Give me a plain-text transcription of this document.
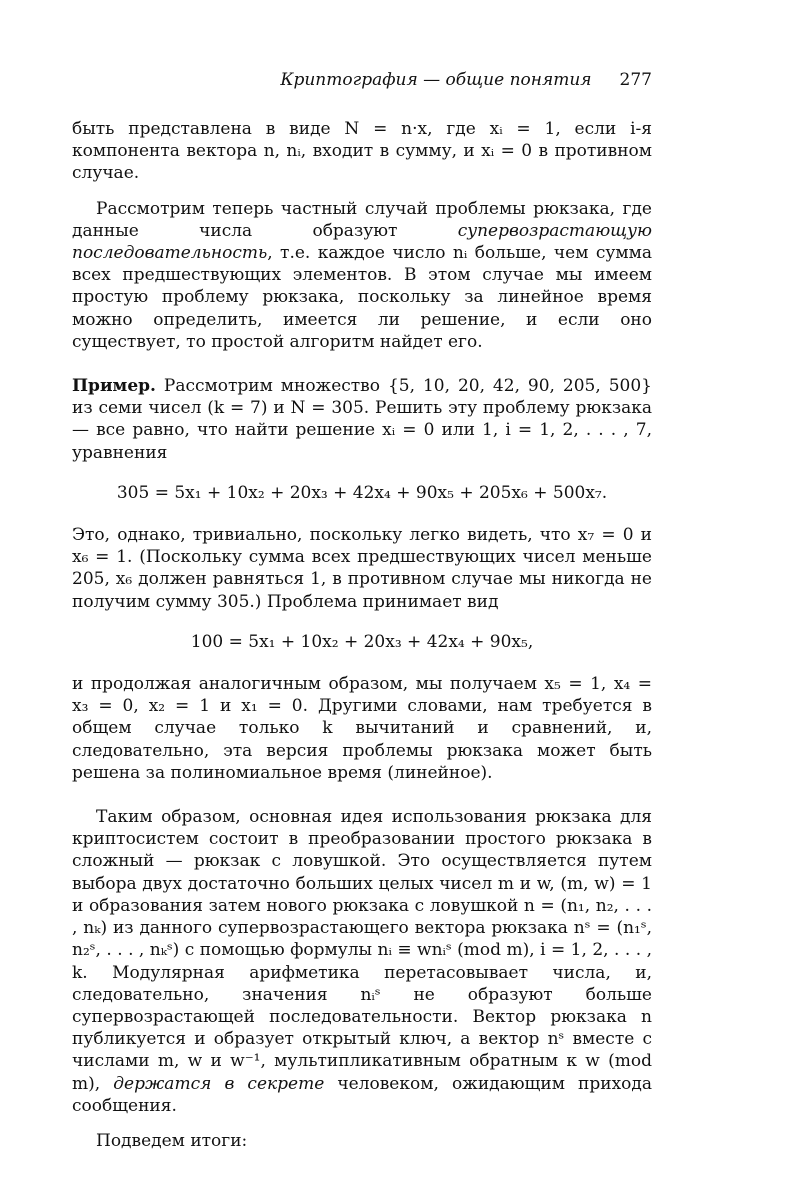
Криптография — общие понятия 277

быть представлена в виде N = n·x, где xᵢ = 1, если i-я компонента вектора n, nᵢ, входит в сумму, и xᵢ = 0 в противном случае.

Рассмотрим теперь частный случай проблемы рюкзака, где данные числа образуют супервозрастающую последовательность, т.е. каждое число nᵢ больше, чем сумма всех предшествующих элементов. В этом случае мы имеем простую проблему рюкзака, поскольку за линейное время можно определить, имеется ли решение, и если оно существует, то простой алгоритм найдет его.

Пример. Рассмотрим множество {5, 10, 20, 42, 90, 205, 500} из семи чисел (k = 7) и N = 305. Решить эту проблему рюкзака — все равно, что найти решение xᵢ = 0 или 1, i = 1, 2, . . . , 7, уравнения

305 = 5x₁ + 10x₂ + 20x₃ + 42x₄ + 90x₅ + 205x₆ + 500x₇.

Это, однако, тривиально, поскольку легко видеть, что x₇ = 0 и x₆ = 1. (Поскольку сумма всех предшествующих чисел меньше 205, x₆ должен равняться 1, в противном случае мы никогда не получим сумму 305.) Проблема принимает вид

100 = 5x₁ + 10x₂ + 20x₃ + 42x₄ + 90x₅,

и продолжая аналогичным образом, мы получаем x₅ = 1, x₄ = x₃ = 0, x₂ = 1 и x₁ = 0. Другими словами, нам требуется в общем случае только k вычитаний и сравнений, и, следовательно, эта версия проблемы рюкзака может быть решена за полиномиальное время (линейное).

Таким образом, основная идея использования рюкзака для криптосистем состоит в преобразовании простого рюкзака в сложный — рюкзак с ловушкой. Это осуществляется путем выбора двух достаточно больших целых чисел m и w, (m, w) = 1 и образования затем нового рюкзака с ловушкой n = (n₁, n₂, . . . , nₖ) из данного супервозрастающего вектора рюкзака nˢ = (n₁ˢ, n₂ˢ, . . . , nₖˢ) с помощью формулы nᵢ ≡ wnᵢˢ (mod m), i = 1, 2, . . . , k. Модулярная арифметика перетасовывает числа, и, следовательно, значения nᵢˢ не образуют больше супервозрастающей последовательности. Вектор рюкзака n публикуется и образует открытый ключ, а вектор nˢ вместе с числами m, w и w⁻¹, мультипликативным обратным к w (mod m), держатся в секрете человеком, ожидающим прихода сообщения.

Подведем итоги:
